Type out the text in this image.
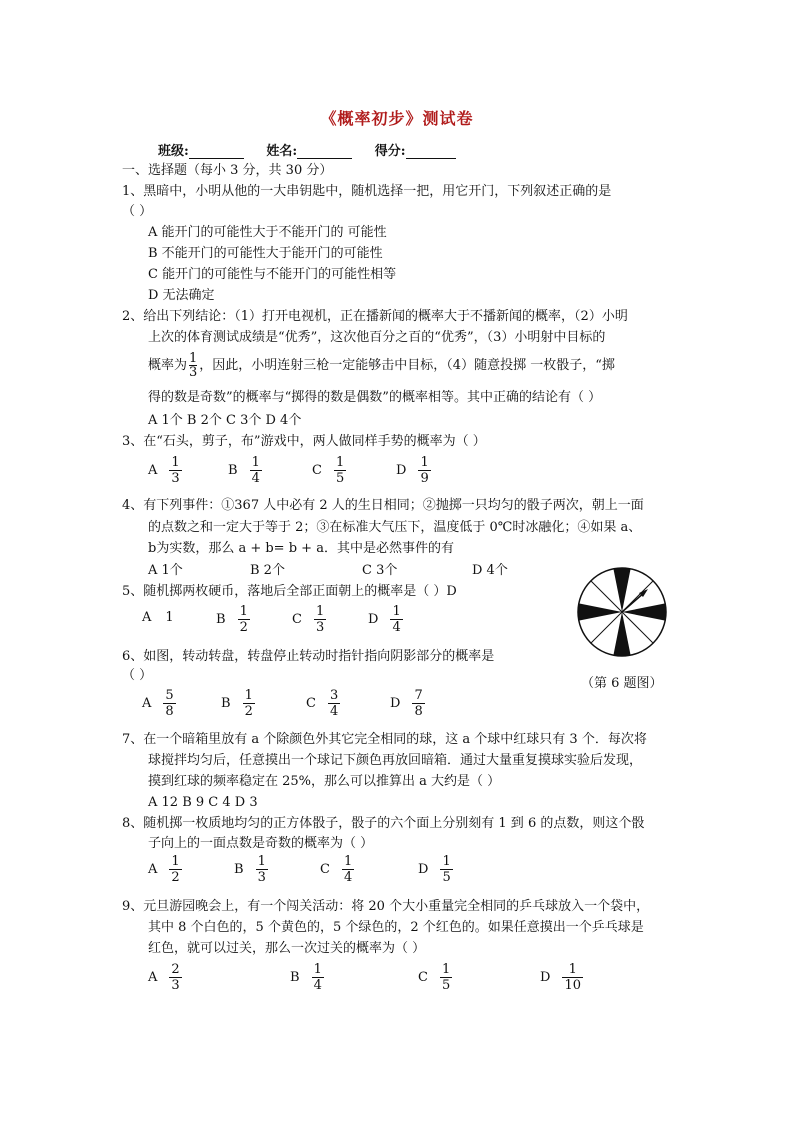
《概率初步》测试卷
班级:	姓名:	得分:
一、选择题（每小 3 分，共 30 分）
1、黑暗中，小明从他的一大串钥匙中，随机选择一把，用它开门，下列叙述正确的是
（ ）
A 能开门的可能性大于不能开门的 可能性
B 不能开门的可能性大于能开门的可能性
C 能开门的可能性与不能开门的可能性相等
D 无法确定
2、给出下列结论：（1）打开电视机，正在播新闻的概率大于不播新闻的概率，（2）小明
上次的体育测试成绩是“优秀”，这次他百分之百的“优秀”，（3）小明射中目标的
概率为 $\frac{1}{3}$ ，因此，小明连射三枪一定能够击中目标，（4）随意投掷 一枚骰子，“掷
得的数是奇数”的概率与“掷得的数是偶数”的概率相等。其中正确的结论有（ ）
A 1个 B 2个 C 3个 D 4个
3、在“石头，剪子，布”游戏中，两人做同样手势的概率为（ ）
A $\frac{1}{3}$	B $\frac{1}{4}$	C $\frac{1}{5}$	D $\frac{1}{9}$
4、有下列事件：①367 人中必有 2 人的生日相同；②抛掷一只均匀的骰子两次，朝上一面
的点数之和一定大于等于 2；③在标准大气压下，温度低于 0℃时冰融化；④如果 a、
b为实数，那么 a + b= b + a．其中是必然事件的有
A 1个	B 2个	C 3个	D 4个
5、随机掷两枚硬币，落地后全部正面朝上的概率是（ ）D
A 1	B $\frac{1}{2}$	C $\frac{1}{3}$	D $\frac{1}{4}$
（第 6 题图）
6、如图，转动转盘，转盘停止转动时指针指向阴影部分的概率是
（ ）
A $\frac{5}{8}$	B $\frac{1}{2}$	C $\frac{3}{4}$	D $\frac{7}{8}$
7、在一个暗箱里放有 a 个除颜色外其它完全相同的球，这 a 个球中红球只有 3 个．每次将
球搅拌均匀后，任意摸出一个球记下颜色再放回暗箱．通过大量重复摸球实验后发现，
摸到红球的频率稳定在 25%，那么可以推算出 a 大约是（ ）
A 12 B 9 C 4 D 3
8、随机掷一枚质地均匀的正方体骰子，骰子的六个面上分别刻有 1 到 6 的点数，则这个骰
子向上的一面点数是奇数的概率为（ ）
A $\frac{1}{2}$	B $\frac{1}{3}$	C $\frac{1}{4}$	D $\frac{1}{5}$
9、元旦游园晚会上，有一个闯关活动：将 20 个大小重量完全相同的乒乓球放入一个袋中，
其中 8 个白色的，5 个黄色的，5 个绿色的，2 个红色的。如果任意摸出一个乒乓球是
红色，就可以过关，那么一次过关的概率为（ ）
A $\frac{2}{3}$	B $\frac{1}{4}$	C $\frac{1}{5}$	D $\frac{1}{10}$
